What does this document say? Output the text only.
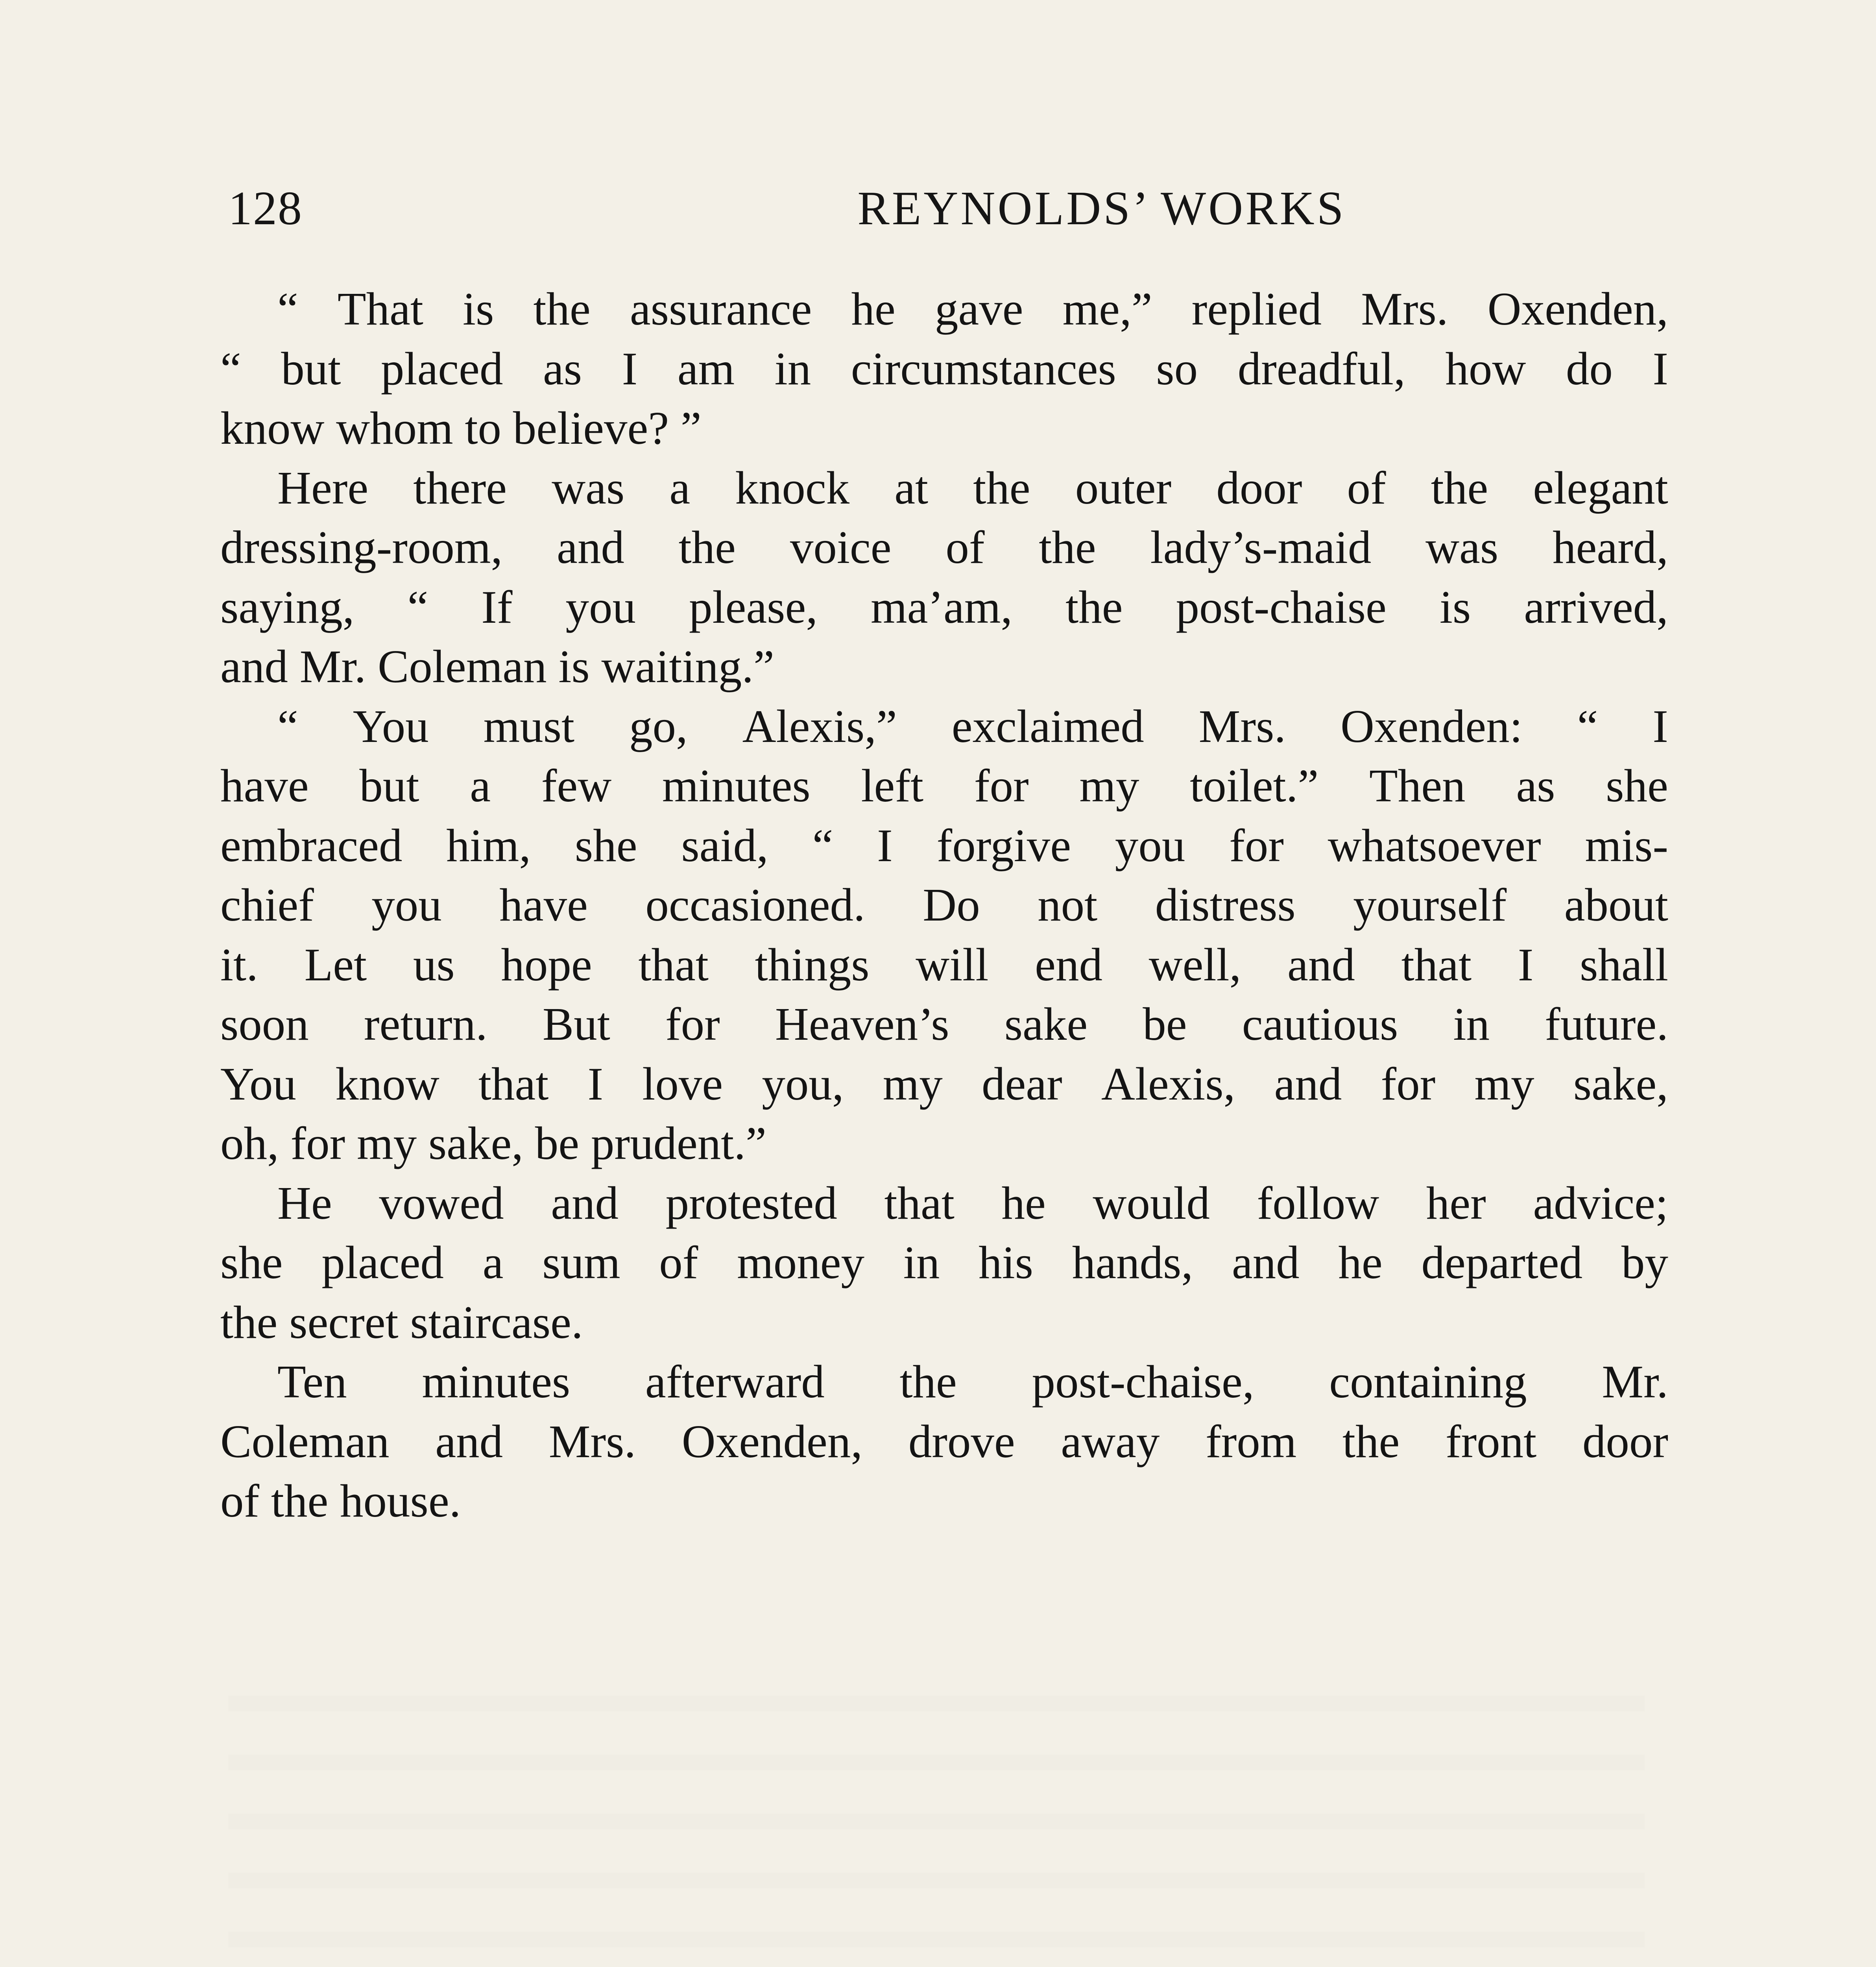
128	REYNOLDS’ WORKS
“ That is the assurance he gave me,” replied Mrs. Oxenden,
“ but placed as I am in circumstances so dreadful, how do I
know whom to believe? ”
Here there was a knock at the outer door of the elegant
dressing-room, and the voice of the lady’s-maid was heard,
saying, “ If you please, ma’am, the post-chaise is arrived,
and Mr. Coleman is waiting.”
“ You must go, Alexis,” exclaimed Mrs. Oxenden: “ I
have but a few minutes left for my toilet.” Then as she
embraced him, she said, “ I forgive you for whatsoever mis-
chief you have occasioned. Do not distress yourself about
it. Let us hope that things will end well, and that I shall
soon return. But for Heaven’s sake be cautious in future.
You know that I love you, my dear Alexis, and for my sake,
oh, for my sake, be prudent.”
He vowed and protested that he would follow her advice;
she placed a sum of money in his hands, and he departed by
the secret staircase.
Ten minutes afterward the post-chaise, containing Mr.
Coleman and Mrs. Oxenden, drove away from the front door
of the house.
